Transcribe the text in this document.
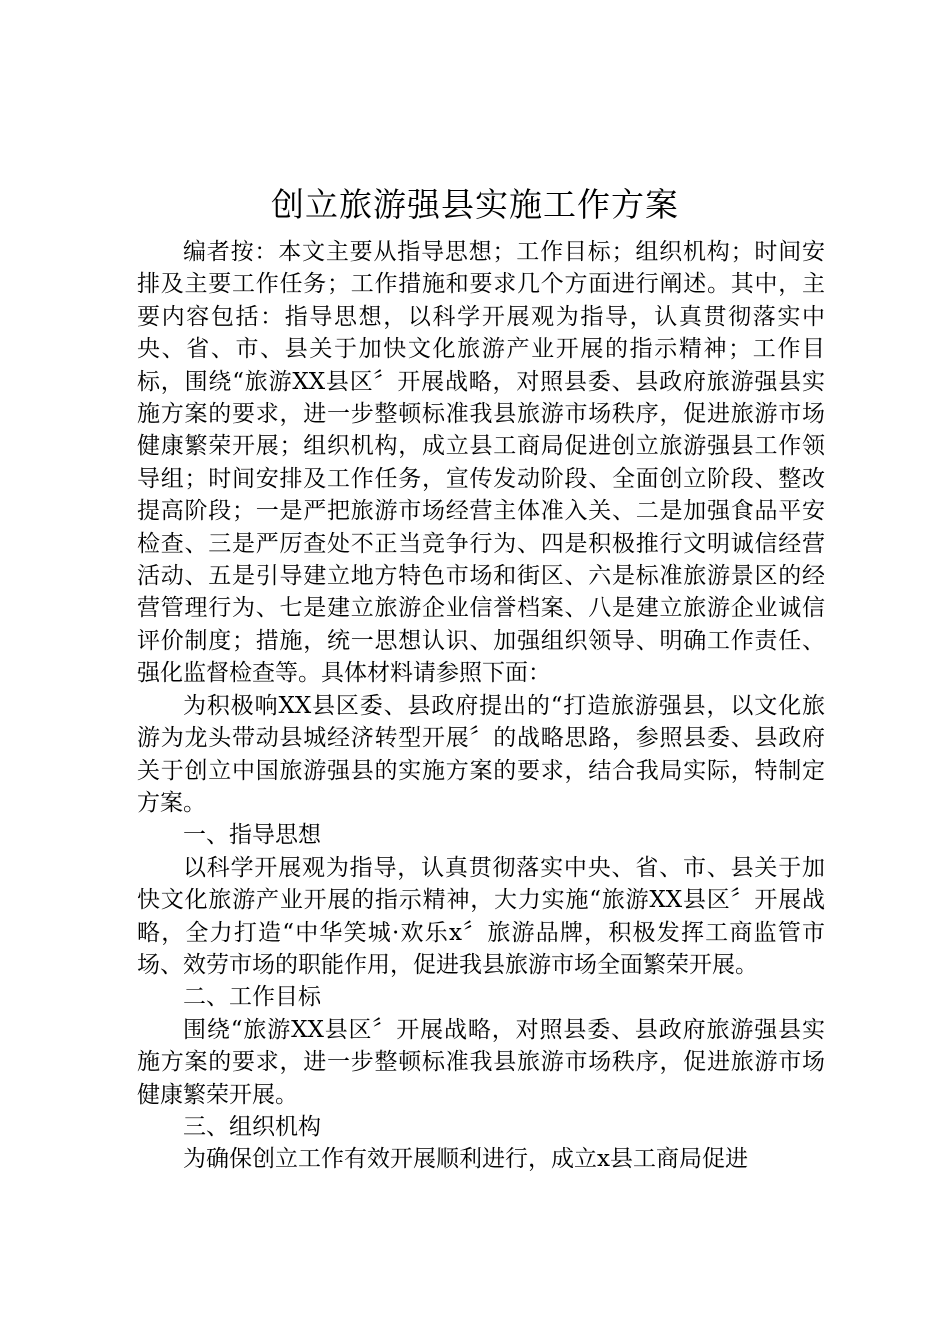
创立旅游强县实施工作方案

编者按：本文主要从指导思想；工作目标；组织机构；时间安排及主要工作任务；工作措施和要求几个方面进行阐述。其中，主要内容包括：指导思想，以科学开展观为指导，认真贯彻落实中央、省、市、县关于加快文化旅游产业开展的指示精神；工作目标，围绕“旅游XX县区〞开展战略，对照县委、县政府旅游强县实施方案的要求，进一步整顿标准我县旅游市场秩序，促进旅游市场健康繁荣开展；组织机构，成立县工商局促进创立旅游强县工作领导组；时间安排及工作任务，宣传发动阶段、全面创立阶段、整改提高阶段；一是严把旅游市场经营主体准入关、二是加强食品平安检查、三是严厉查处不正当竞争行为、四是积极推行文明诚信经营活动、五是引导建立地方特色市场和街区、六是标准旅游景区的经营管理行为、七是建立旅游企业信誉档案、八是建立旅游企业诚信评价制度；措施，统一思想认识、加强组织领导、明确工作责任、强化监督检查等。具体材料请参照下面：

为积极响XX县区委、县政府提出的“打造旅游强县，以文化旅游为龙头带动县城经济转型开展〞的战略思路，参照县委、县政府关于创立中国旅游强县的实施方案的要求，结合我局实际，特制定方案。

一、指导思想

以科学开展观为指导，认真贯彻落实中央、省、市、县关于加快文化旅游产业开展的指示精神，大力实施“旅游XX县区〞开展战略，全力打造“中华笑城·欢乐x〞旅游品牌，积极发挥工商监管市场、效劳市场的职能作用，促进我县旅游市场全面繁荣开展。

二、工作目标

围绕“旅游XX县区〞开展战略，对照县委、县政府旅游强县实施方案的要求，进一步整顿标准我县旅游市场秩序，促进旅游市场健康繁荣开展。

三、组织机构

为确保创立工作有效开展顺利进行，成立x县工商局促进
